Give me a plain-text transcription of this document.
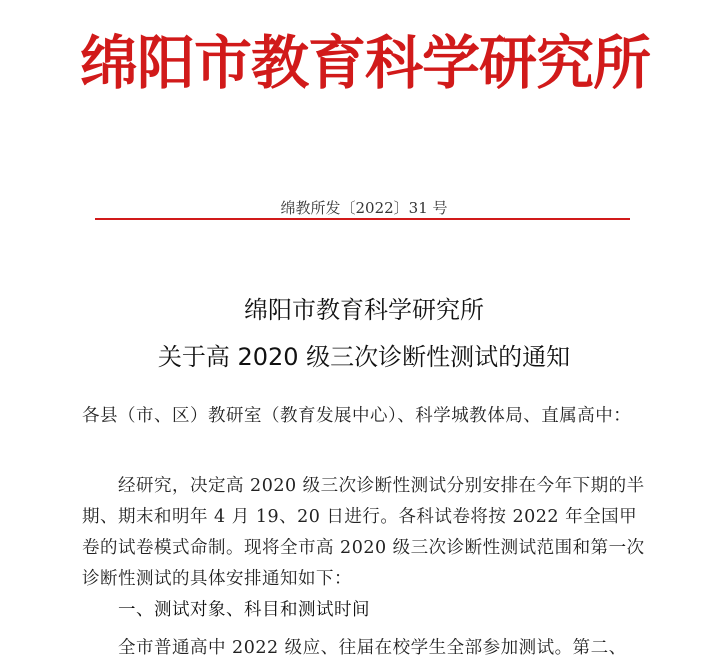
绵阳市教育科学研究所
绵教所发〔2022〕31 号
绵阳市教育科学研究所
关于高 2020 级三次诊断性测试的通知
各县（市、区）教研室（教育发展中心）、科学城教体局、直属高中：
经研究，决定高 2020 级三次诊断性测试分别安排在今年下期的半期、期末和明年 4 月 19、20 日进行。各科试卷将按 2022 年全国甲卷的试卷模式命制。现将全市高 2020 级三次诊断性测试范围和第一次诊断性测试的具体安排通知如下：
一、测试对象、科目和测试时间
全市普通高中 2022 级应、往届在校学生全部参加测试。第二、
